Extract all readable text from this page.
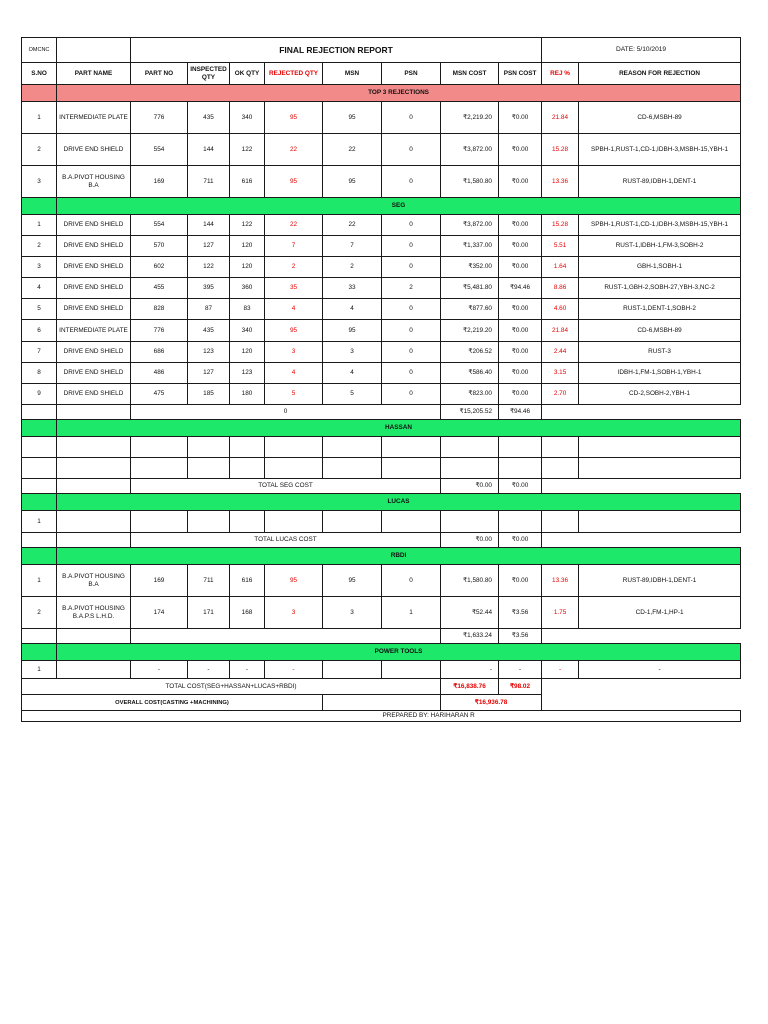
OMCNC		FINAL REJECTION REPORT								DATE: 5/10/2019	
S.NO	PART NAME	PART NO	INSPECTED QTY	OK QTY	REJECTED QTY	MSN	PSN	MSN COST	PSN COST	REJ %	REASON FOR REJECTION
	TOP 3 REJECTIONS										
1	INTERMEDIATE PLATE	776	435	340	95	95	0	₹2,219.20	₹0.00	21.84	CD-6,MSBH-89
2	DRIVE END SHIELD	554	144	122	22	22	0	₹3,872.00	₹0.00	15.28	SPBH-1,RUST-1,CD-1,IDBH-3,MSBH-15,YBH-1
3	B.A.PIVOT HOUSING B.A	169	711	616	95	95	0	₹1,580.80	₹0.00	13.36	RUST-89,IDBH-1,DENT-1
	SEG										
1	DRIVE END SHIELD	554	144	122	22	22	0	₹3,872.00	₹0.00	15.28	SPBH-1,RUST-1,CD-1,IDBH-3,MSBH-15,YBH-1
2	DRIVE END SHIELD	570	127	120	7	7	0	₹1,337.00	₹0.00	5.51	RUST-1,IDBH-1,FM-3,SOBH-2
3	DRIVE END SHIELD	602	122	120	2	2	0	₹352.00	₹0.00	1.64	GBH-1,SOBH-1
4	DRIVE END SHIELD	455	395	360	35	33	2	₹5,481.80	₹94.46	8.86	RUST-1,GBH-2,SOBH-27,YBH-3,NC-2
5	DRIVE END SHIELD	828	87	83	4	4	0	₹877.60	₹0.00	4.60	RUST-1,DENT-1,SOBH-2
6	INTERMEDIATE PLATE	776	435	340	95	95	0	₹2,219.20	₹0.00	21.84	CD-6,MSBH-89
7	DRIVE END SHIELD	686	123	120	3	3	0	₹206.52	₹0.00	2.44	RUST-3
8	DRIVE END SHIELD	486	127	123	4	4	0	₹586.40	₹0.00	3.15	IDBH-1,FM-1,SOBH-1,YBH-1
9	DRIVE END SHIELD	475	185	180	5	5	0	₹823.00	₹0.00	2.70	CD-2,SOBH-2,YBH-1
		0						₹15,205.52	₹94.46		
	HASSAN										

		TOTAL SEG COST						₹0.00	₹0.00		
	LUCAS										
1											
		TOTAL LUCAS COST						₹0.00	₹0.00		
	RBDI										
1	B.A.PIVOT HOUSING B.A	169	711	616	95	95	0	₹1,580.80	₹0.00	13.36	RUST-89,IDBH-1,DENT-1
2	B.A.PIVOT HOUSING B.A.P.S L.H.D.	174	171	168	3	3	1	₹52.44	₹3.56	1.75	CD-1,FM-1,HP-1
								₹1,633.24	₹3.56		
	POWER TOOLS										
1		-	-	-	-			-	-	-	-
TOTAL COST(SEG+HASSAN+LUCAS+RBDI)								₹16,838.76	₹98.02		
OVERALL COST(CASTING +MACHINING)								₹16,936.78			
						PREPARED BY: HARIHARAN R					
